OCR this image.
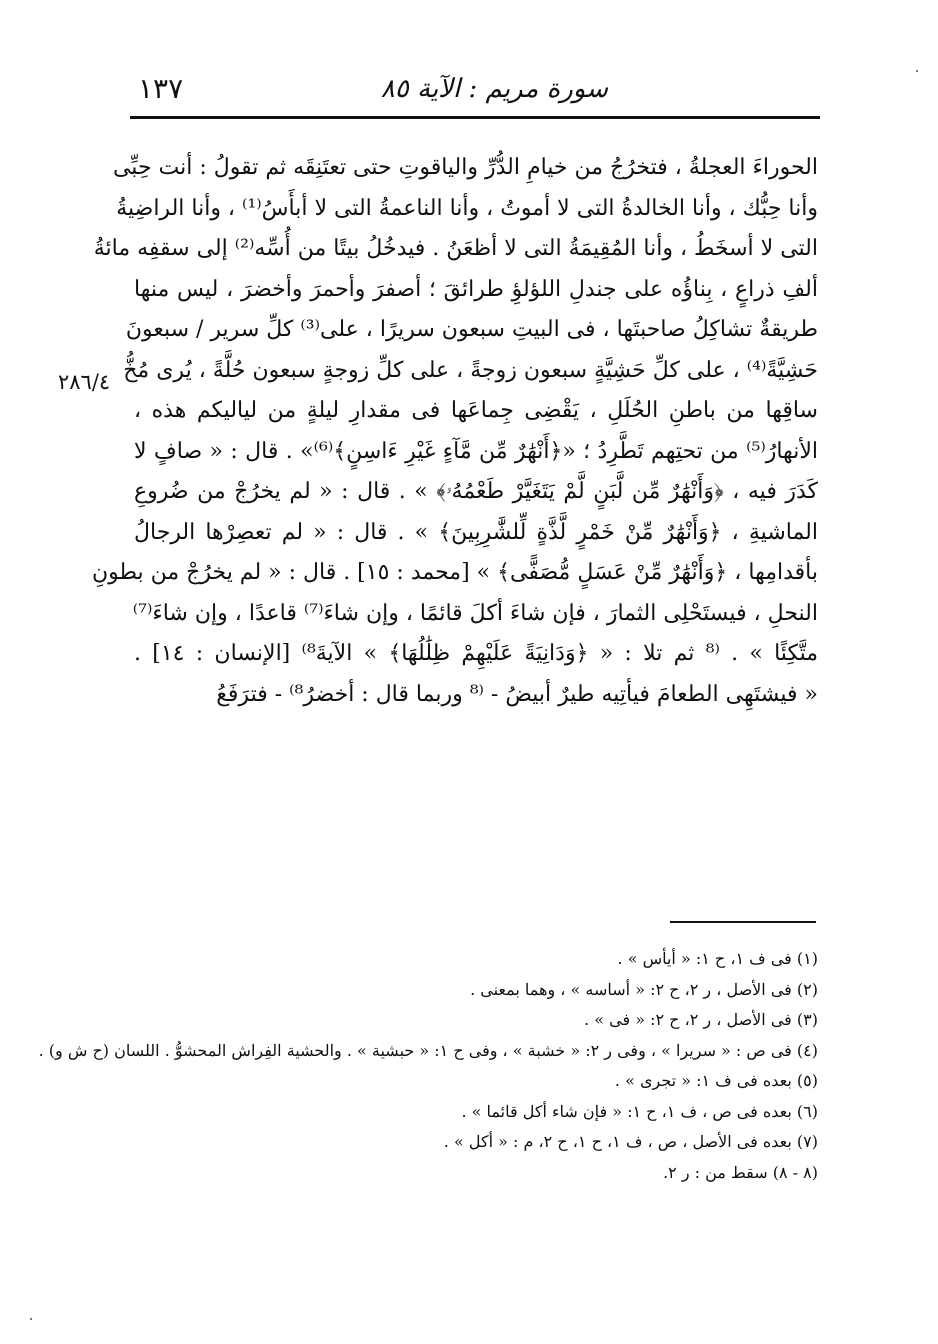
سورة مريم : الآية ٨٥
١٣٧
٢٨٦/٤
الحوراءَ العجلةُ ، فتخرُجُ من خيامِ الدُّرِّ والياقوتِ حتى تعتَنِقَه ثم تقولُ : أنت حِبِّى
وأنا حِبُّك ، وأنا الخالدةُ التى لا أموتُ ، وأنا الناعمةُ التى لا أبأَسُ⁽¹⁾ ، وأنا الراضِيةُ
التى لا أسخَطُ ، وأنا المُقِيمَةُ التى لا أظعَنُ . فيدخُلُ بيتًا من أُسِّه⁽²⁾ إلى سقفِه مائةُ
ألفِ ذراعٍ ، بِناؤُه على جندلِ اللؤلؤِ طرائقَ ؛ أصفرَ وأحمرَ وأخضرَ ، ليس منها
طريقةٌ تشاكِلُ صاحبتَها ، فى البيتِ سبعون سريرًا ، على⁽³⁾ كلِّ سرير / سبعونَ
حَشِيَّةً⁽⁴⁾ ، على كلِّ حَشِيَّةٍ سبعون زوجةً ، على كلِّ زوجةٍ سبعون حُلَّةً ، يُرى مُخُّ
ساقِها من باطنِ الحُلَلِ ، يَقْضِى جِماعَها فى مقدارِ ليلةٍ من لياليكم هذه ،
الأنهارُ⁽⁵⁾ من تحتِهم تَطَّرِدُ ؛ «﴿أَنْهَٰرٌ مِّن مَّآءٍ غَيْرِ ءَاسِنٍ﴾⁽⁶⁾» . قال : « صافٍ لا
كَدَرَ فيه ، ﴿وَأَنْهَٰرٌ مِّن لَّبَنٍ لَّمْ يَتَغَيَّرْ طَعْمُهُۥ﴾ » . قال : « لم يخرُجْ من ضُروعِ
الماشيةِ ، ﴿وَأَنْهَٰرٌ مِّنْ خَمْرٍ لَّذَّةٍ لِّلشَّٰرِبِينَ﴾ » . قال : « لم تعصِرْها الرجالُ
بأقدامِها ، ﴿وَأَنْهَٰرٌ مِّنْ عَسَلٍ مُّصَفًّى﴾ » [محمد : ١٥] . قال : « لم يخرُجْ من بطونِ
النحلِ ، فيستَحْلِى الثمارَ ، فإن شاءَ أكلَ قائمًا ، وإن شاءَ⁽⁷⁾ قاعدًا ، وإن شاءَ⁽⁷⁾
متَّكِئًا » . ⁽⁸ ثم تلا : « ﴿وَدَانِيَةً عَلَيْهِمْ ظِلَٰلُهَا﴾ » الآيةَ⁸⁾ [الإنسان : ١٤] .
« فيشتَهِى الطعامَ فيأتِيه طيرٌ أبيضُ - ⁽⁸ وربما قال : أخضرُ⁸⁾ - فترَفَعُ
(١) فى ف ١، ح ١: « أيأس » .
(٢) فى الأصل ، ر ٢، ح ٢: « أساسه » ، وهما بمعنى .
(٣) فى الأصل ، ر ٢، ح ٢: « فى » .
(٤) فى ص : « سريرا » ، وفى ر ٢: « خشبة » ، وفى ح ١: « حبشية » . والحشية الفِراش المحشوُّ . اللسان (ح ش و) .
(٥) بعده فى ف ١: « تجرى » .
(٦) بعده فى ص ، ف ١، ح ١: « فإن شاء أكل قائما » .
(٧) بعده فى الأصل ، ص ، ف ١، ح ١، ح ٢، م : « أكل » .
(٨ - ٨) سقط من : ر ٢.
